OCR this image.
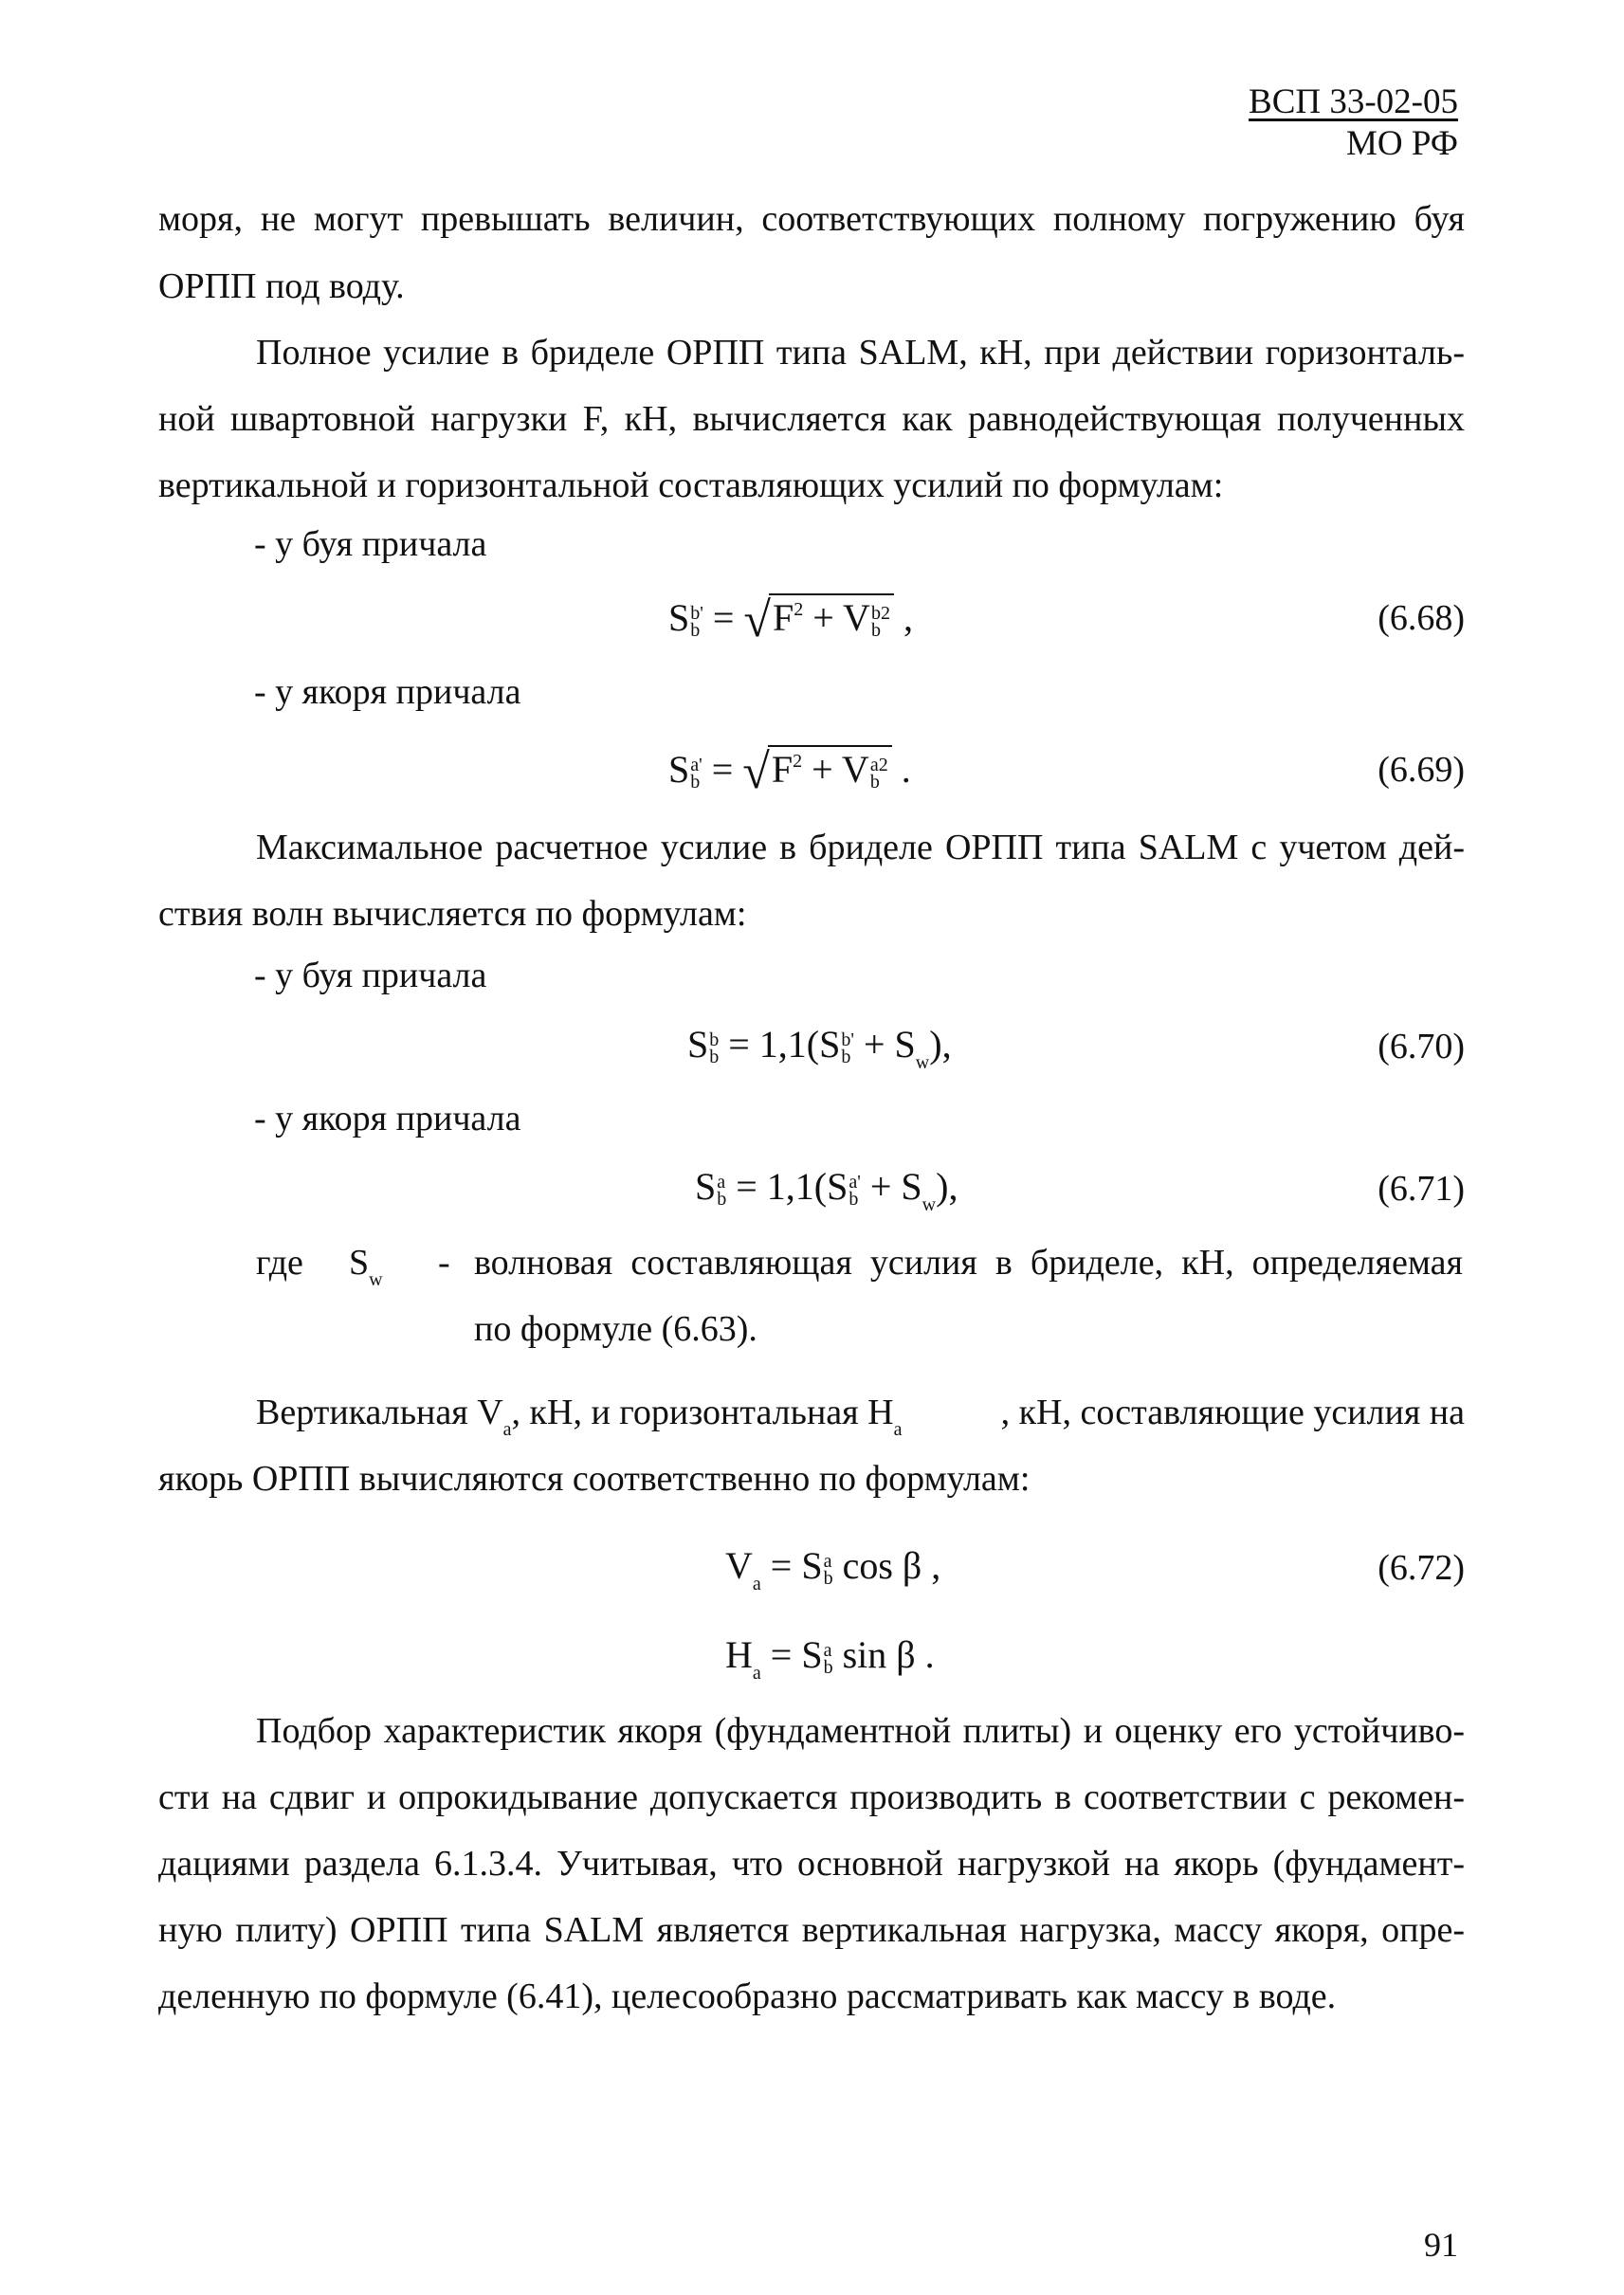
ВСП 33-02-05
МО РФ
моря, не могут превышать величин, соответствующих полному погружению буя
ОРПП под воду.
Полное усилие в бриделе ОРПП типа SALM, кН, при действии горизонталь-
ной швартовной нагрузки F, кН, вычисляется как равнодействующая полученных
вертикальной и горизонтальной составляющих усилий по формулам:
- у буя причала
S b'
$b = √F^2 + V$ b2
b ,	(6.68)
- у якоря причала
S a'
$b = √F^2 + V$ a2
b .	(6.69)
Максимальное расчетное усилие в бриделе ОРПП типа SALM с учетом дей-
ствия волн вычисляется по формулам:
- у буя причала
S b
b = 1,1(S b'
$b + S_w$),	(6.70)
- у якоря причала
S a
b = 1,1(S a'
$b + S_w$),	(6.71)
где $S_w$ - волновая составляющая усилия в бриделе, кН, определяемая
по формуле (6.63).
Вертикальная $V_a$, кН, и горизонтальная $H_a$	, кН, составляющие усилия на
якорь ОРПП вычисляются соответственно по формулам:
$V_a = S$ a
b cos β ,	(6.72)
$H_a = S$ a
b sin β .
Подбор характеристик якоря (фундаментной плиты) и оценку его устойчиво-
сти на сдвиг и опрокидывание допускается производить в соответствии с рекомен-
дациями раздела 6.1.3.4. Учитывая, что основной нагрузкой на якорь (фундамент-
ную плиту) ОРПП типа SALM является вертикальная нагрузка, массу якоря, опре-
деленную по формуле (6.41), целесообразно рассматривать как массу в воде.
91
